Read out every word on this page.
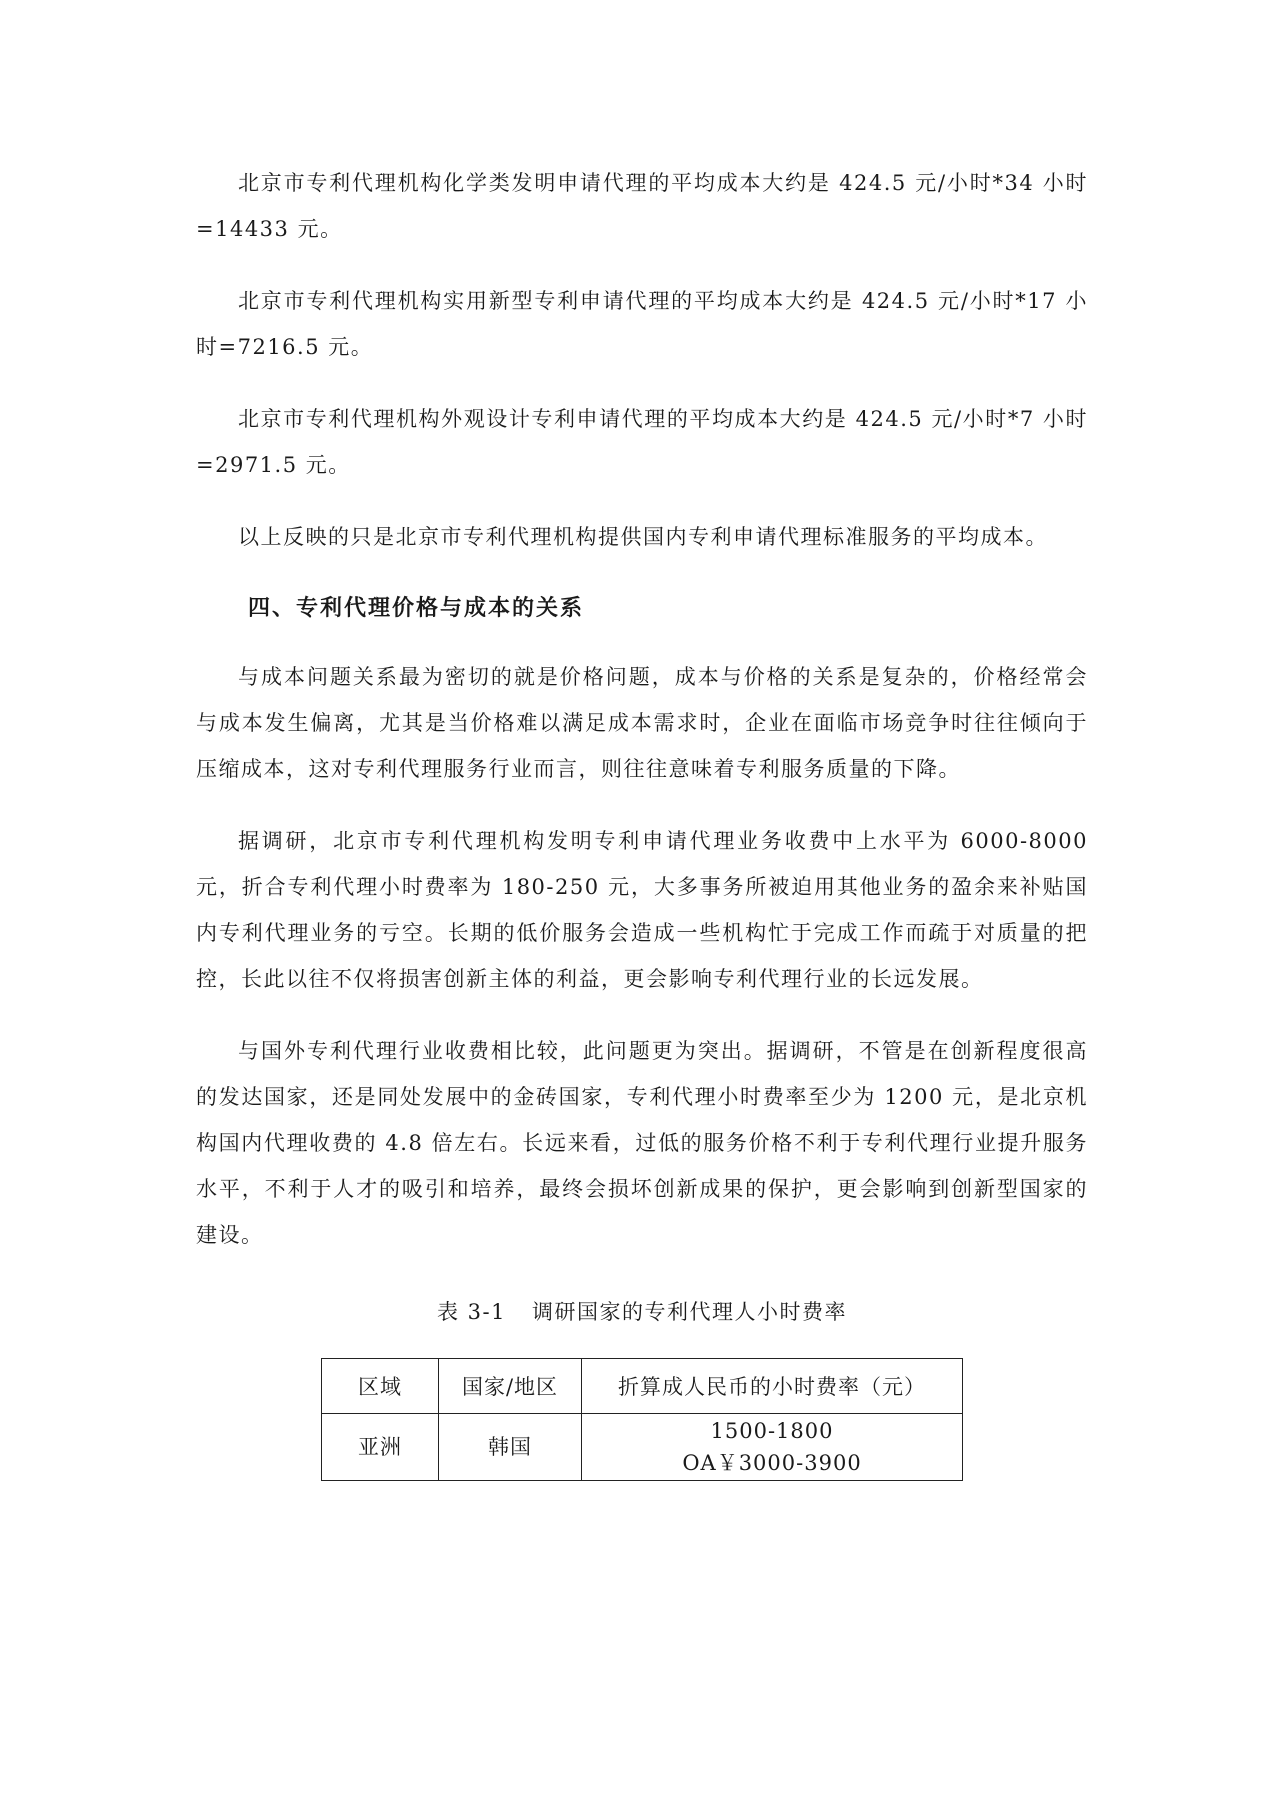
北京市专利代理机构化学类发明申请代理的平均成本大约是 424.5 元/小时*34 小时=14433 元。

北京市专利代理机构实用新型专利申请代理的平均成本大约是 424.5 元/小时*17 小时=7216.5 元。

北京市专利代理机构外观设计专利申请代理的平均成本大约是 424.5 元/小时*7 小时=2971.5 元。

以上反映的只是北京市专利代理机构提供国内专利申请代理标准服务的平均成本。

四、专利代理价格与成本的关系

与成本问题关系最为密切的就是价格问题，成本与价格的关系是复杂的，价格经常会与成本发生偏离，尤其是当价格难以满足成本需求时，企业在面临市场竞争时往往倾向于压缩成本，这对专利代理服务行业而言，则往往意味着专利服务质量的下降。

据调研，北京市专利代理机构发明专利申请代理业务收费中上水平为 6000-8000 元，折合专利代理小时费率为 180-250 元，大多事务所被迫用其他业务的盈余来补贴国内专利代理业务的亏空。长期的低价服务会造成一些机构忙于完成工作而疏于对质量的把控，长此以往不仅将损害创新主体的利益，更会影响专利代理行业的长远发展。

与国外专利代理行业收费相比较，此问题更为突出。据调研，不管是在创新程度很高的发达国家，还是同处发展中的金砖国家，专利代理小时费率至少为 1200 元，是北京机构国内代理收费的 4.8 倍左右。长远来看，过低的服务价格不利于专利代理行业提升服务水平，不利于人才的吸引和培养，最终会损坏创新成果的保护，更会影响到创新型国家的建设。

表 3-1 调研国家的专利代理人小时费率
区域	国家/地区	折算成人民币的小时费率（元）
亚洲	韩国	1500-1800
OA￥3000-3900
